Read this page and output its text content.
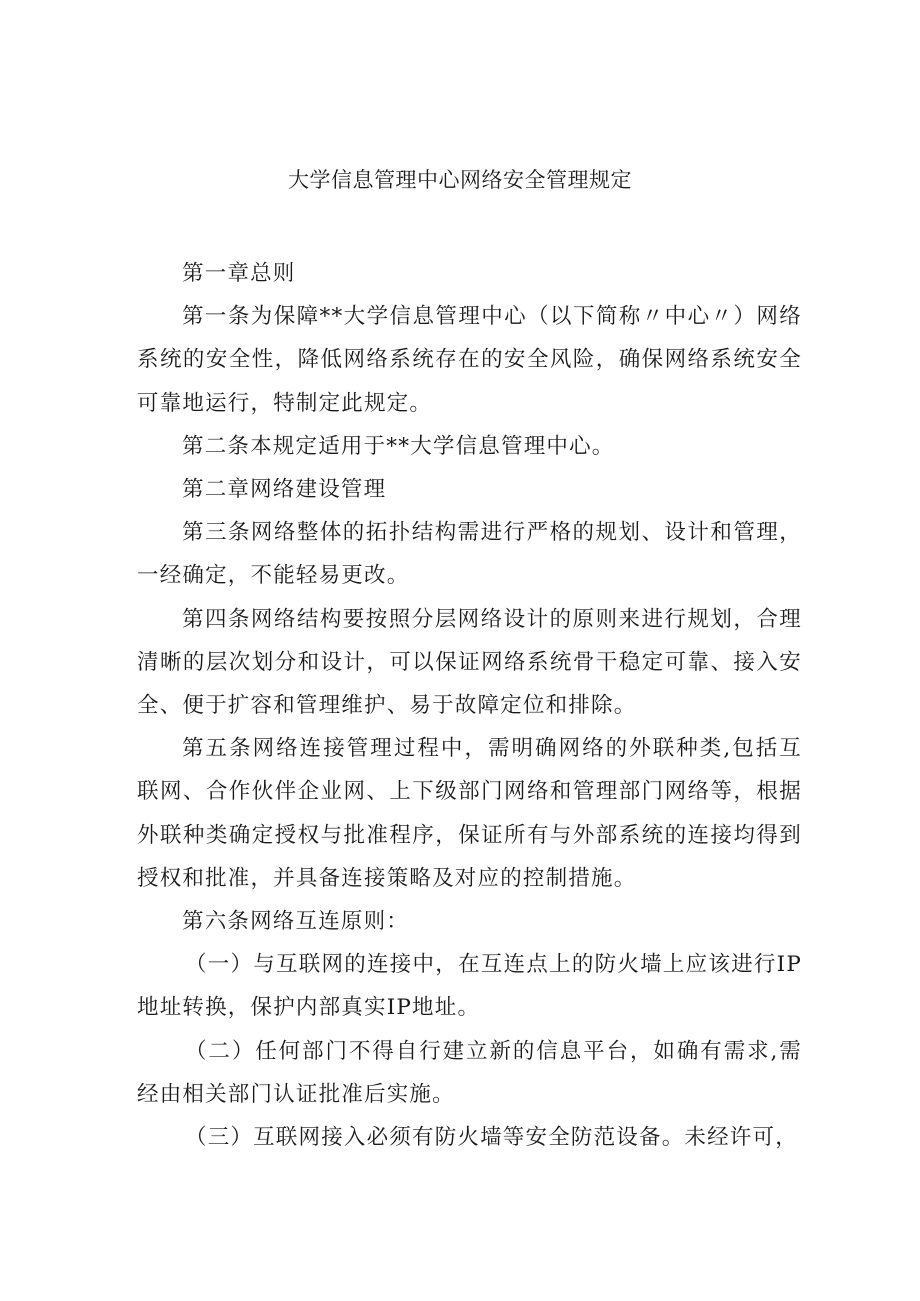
大学信息管理中心网络安全管理规定

第一章总则

第一条为保障**大学信息管理中心（以下简称〃中心〃）网络系统的安全性，降低网络系统存在的安全风险，确保网络系统安全可靠地运行，特制定此规定。

第二条本规定适用于**大学信息管理中心。

第二章网络建设管理

第三条网络整体的拓扑结构需进行严格的规划、设计和管理，一经确定，不能轻易更改。

第四条网络结构要按照分层网络设计的原则来进行规划，合理清晰的层次划分和设计，可以保证网络系统骨干稳定可靠、接入安全、便于扩容和管理维护、易于故障定位和排除。

第五条网络连接管理过程中，需明确网络的外联种类,包括互联网、合作伙伴企业网、上下级部门网络和管理部门网络等，根据外联种类确定授权与批准程序，保证所有与外部系统的连接均得到授权和批准，并具备连接策略及对应的控制措施。

第六条网络互连原则：

（一）与互联网的连接中，在互连点上的防火墙上应该进行IP地址转换，保护内部真实IP地址。

（二）任何部门不得自行建立新的信息平台，如确有需求,需经由相关部门认证批准后实施。

（三）互联网接入必须有防火墙等安全防范设备。未经许可，
